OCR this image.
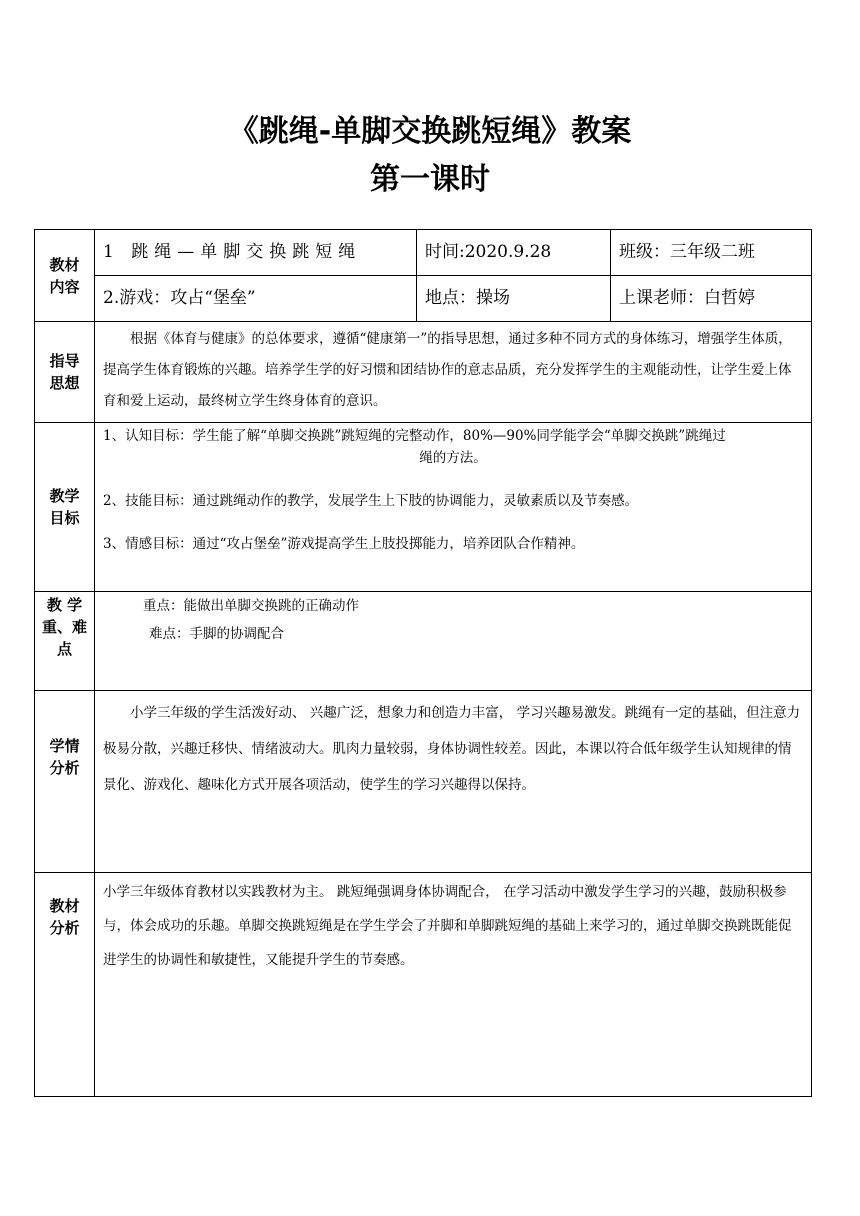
《跳绳-单脚交换跳短绳》教案
第一课时
教材
内容
1 跳绳—单脚交换跳短绳	时间:2020.9.28	班级：三年级二班
2.游戏：攻占“堡垒”	地点：操场	上课老师：白哲婷
指导
思想
根据《体育与健康》的总体要求，遵循“健康第一”的指导思想，通过多种不同方式的身体练习，增强学生体质，提高学生体育锻炼的兴趣。培养学生学的好习惯和团结协作的意志品质，充分发挥学生的主观能动性，让学生爱上体育和爱上运动，最终树立学生终身体育的意识。
教学
目标
1、认知目标：学生能了解“单脚交换跳”跳短绳的完整动作，80%—90%同学能学会“单脚交换跳”跳绳过
绳的方法。
2、技能目标：通过跳绳动作的教学，发展学生上下肢的协调能力，灵敏素质以及节奏感。
3、情感目标：通过“攻占堡垒”游戏提高学生上肢投掷能力，培养团队合作精神。
教 学
重、难
点
重点：能做出单脚交换跳的正确动作
难点：手脚的协调配合
学情
分析
小学三年级的学生活泼好动、 兴趣广泛，想象力和创造力丰富， 学习兴趣易激发。跳绳有一定的基础，但注意力极易分散，兴趣迁移快、情绪波动大。肌肉力量较弱，身体协调性较差。因此，本课以符合低年级学生认知规律的情景化、游戏化、趣味化方式开展各项活动，使学生的学习兴趣得以保持。
教材
分析
小学三年级体育教材以实践教材为主。 跳短绳强调身体协调配合， 在学习活动中激发学生学习的兴趣，鼓励积极参与，体会成功的乐趣。单脚交换跳短绳是在学生学会了并脚和单脚跳短绳的基础上来学习的，通过单脚交换跳既能促进学生的协调性和敏捷性，又能提升学生的节奏感。
